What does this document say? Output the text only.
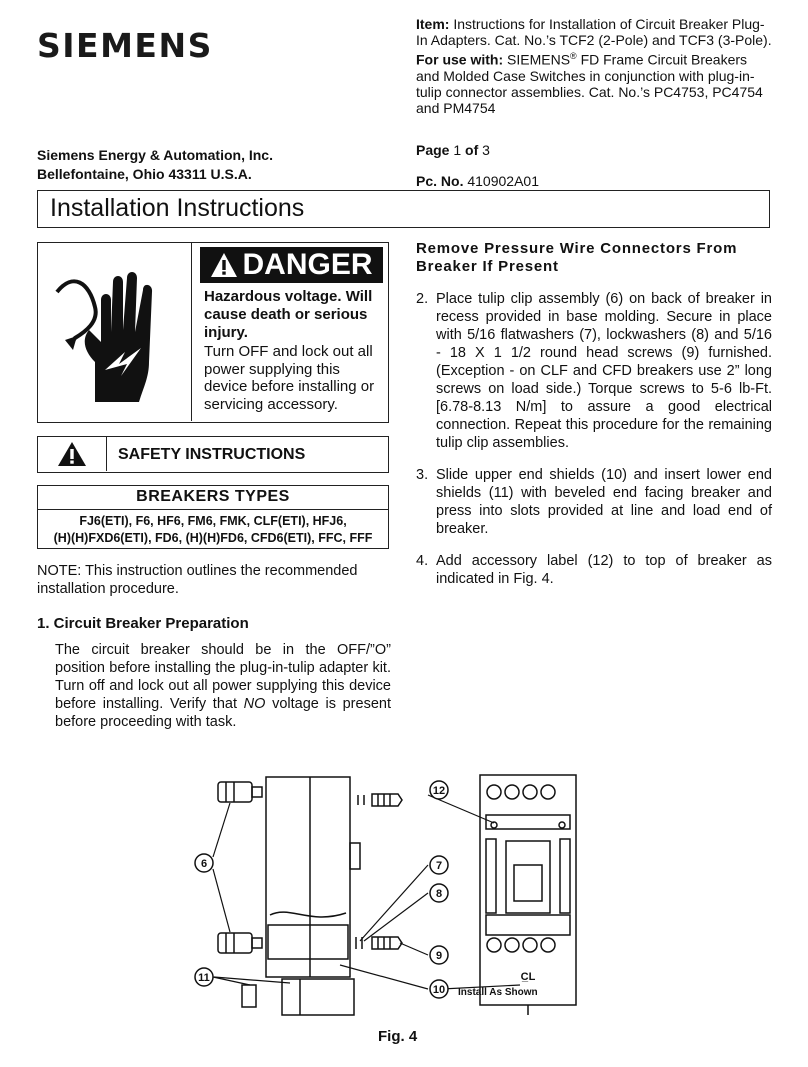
SIEMENS
Siemens Energy & Automation, Inc.
Bellefontaine, Ohio 43311 U.S.A.
Item: Instructions for Installation of Circuit Breaker Plug-In Adapters. Cat. No.’s TCF2 (2-Pole) and TCF3 (3-Pole).
For use with: SIEMENS® FD Frame Circuit Breakers and Molded Case Switches in conjunction with plug-in-tulip connector assemblies. Cat. No.’s PC4753, PC4754 and PM4754
Page 1 of 3
Pc. No. 410902A01
Installation Instructions
DANGER
Hazardous voltage. Will cause death or serious injury.
Turn OFF and lock out all power supplying this device before installing or servicing accessory.
SAFETY INSTRUCTIONS
BREAKERS TYPES
FJ6(ETI), F6, HF6, FM6, FMK, CLF(ETI), HFJ6,
(H)(H)FXD6(ETI), FD6, (H)(H)FD6, CFD6(ETI), FFC, FFF
NOTE: This instruction outlines the recommended installation procedure.
1. Circuit Breaker Preparation
The circuit breaker should be in the OFF/”O” position before installing the plug-in-tulip adapter kit. Turn off and lock out all power supplying this device before installing. Verify that NO voltage is present before proceeding with task.
Remove Pressure Wire Connectors From Breaker If Present
2. Place tulip clip assembly (6) on back of breaker in recess provided in base molding. Secure in place with 5/16 flatwashers (7), lockwashers (8) and 5/16 - 18 X 1 1/2 round head screws (9) furnished. (Exception - on CLF and CFD breakers use 2” long screws on load side.) Torque screws to 5-6 lb-Ft. [6.78-8.13 N/m] to assure a good electrical connection. Repeat this procedure for the remaining tulip clip assemblies.
3. Slide upper end shields (10) and insert lower end shields (11) with beveled end facing breaker and press into slots provided at line and load end of breaker.
4. Add accessory label (12) to top of breaker as indicated in Fig. 4.
6	7
8
9
10
11
12
Install As Shown
C̲L
Fig. 4
